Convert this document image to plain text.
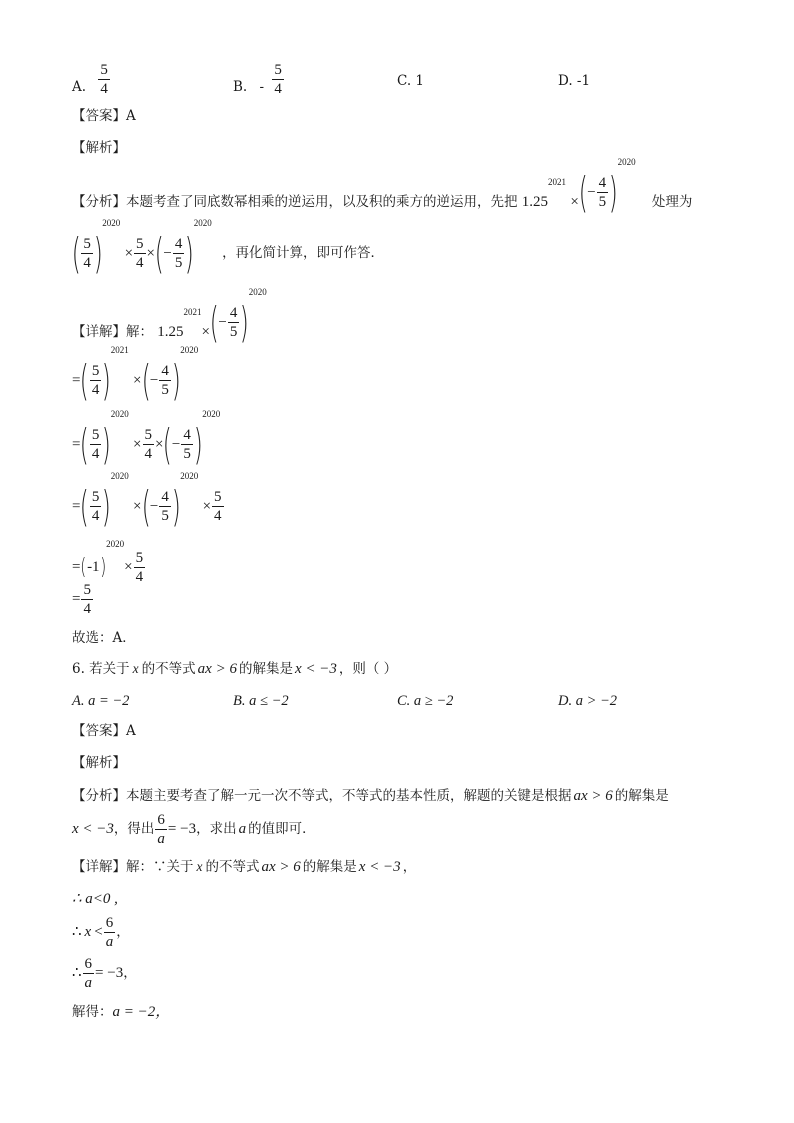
A. $\frac{5}{4}$	B. - $\frac{5}{4}$	C. 1	D. -1
【答案】A
【解析】
【分析】本题考查了同底数幂相乘的逆运用，以及积的乘方的逆运用，先把 $1.25^{2021}$ ×(− $\frac{4}{5} )^{2020}$ 处理为
( $\frac{5}{4} )^{2020} \times \frac{5}{4}$ ×(− $\frac{4}{5} )^{2020}$ ，再化简计算，即可作答．
【详解】解： $1.25^{2021}\times(- \frac{4}{5} )^{2020}$
=( $\frac{5}{4} )^{2021}$ ×(− $\frac{4}{5} )^{2020}$
=( $\frac{5}{4} )^{2020} \times \frac{5}{4}$ ×(− $\frac{4}{5} )^{2020}$
=( $\frac{5}{4} )^{2020}$ ×(− $\frac{4}{5} )^{2020} \times \frac{5}{4}$
$=(-1)^{2020}\times \frac{5}{4}$
= $\frac{5}{4}$
故选：A．
6. 若关于 x 的不等式 ax > 6 的解集是 x < −3 ，则（ ）
A. a = −2	B. a ≤ −2	C. a ≥ −2	D. a > −2
【答案】A
【解析】
【分析】本题主要考查了解一元一次不等式，不等式的基本性质，解题的关键是根据 ax > 6 的解集是
x < −3，得出 $\frac{6}{a} = -3$，求出 a 的值即可．
【详解】解：∵关于 x 的不等式 ax > 6 的解集是 x < −3 ，
∴ a<0 ,
∴ $x < \frac{6}{a}$ ，
∴ $\frac{6}{a} = -3$，
解得：a = −2，
